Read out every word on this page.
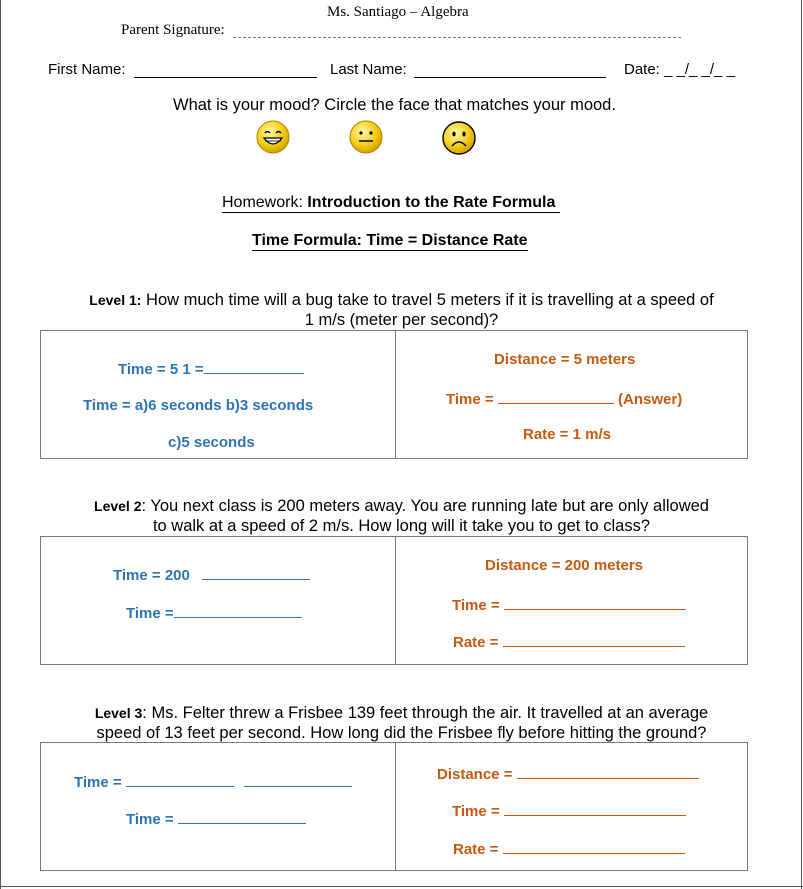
Ms. Santiago – Algebra
Parent Signature:
First Name:	Last Name:	Date: _ _/_ _/_ _
What is your mood? Circle the face that matches your mood.
Homework: Introduction to the Rate Formula
Time Formula: Time = Distance Rate
Level 1: How much time will a bug take to travel 5 meters if it is travelling at a speed of
1 m/s (meter per second)?
Time = 5 1 =
Time = a)6 seconds b)3 seconds
c)5 seconds
Distance = 5 meters
Time =	(Answer)
Rate = 1 m/s
Level 2: You next class is 200 meters away. You are running late but are only allowed
to walk at a speed of 2 m/s. How long will it take you to get to class?
Time = 200
Time =
Distance = 200 meters
Time =
Rate =
Level 3: Ms. Felter threw a Frisbee 139 feet through the air. It travelled at an average
speed of 13 feet per second. How long did the Frisbee fly before hitting the ground?
Time =
Time =
Distance =
Time =
Rate =
